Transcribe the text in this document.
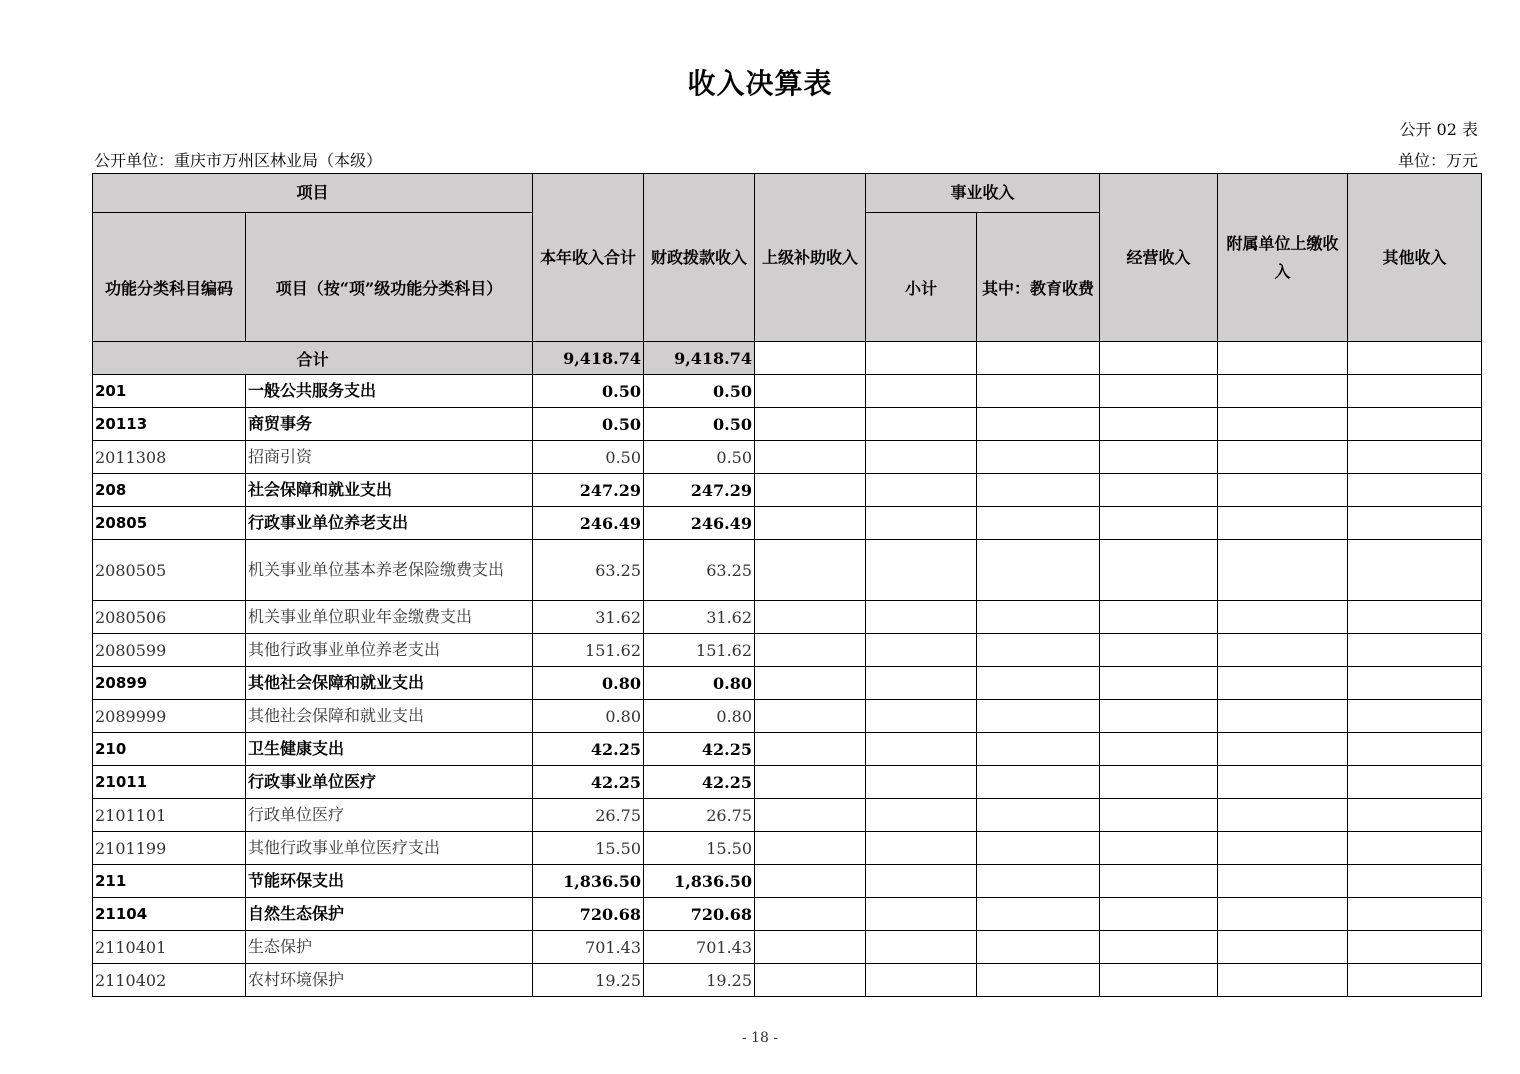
收入决算表
公开 02 表
公开单位：重庆市万州区林业局（本级）	单位：万元
项目		本年收入合计	财政拨款收入	上级补助收入	事业收入		经营收入	附属单位上缴收入	其他收入
功能分类科目编码	项目（按“项”级功能分类科目）				小计	其中：教育收费			
合计		9,418.74	9,418.74						
201	一般公共服务支出	0.50	0.50						
20113	商贸事务	0.50	0.50						
2011308	招商引资	0.50	0.50						
208	社会保障和就业支出	247.29	247.29						
20805	行政事业单位养老支出	246.49	246.49						
2080505	机关事业单位基本养老保险缴费支出	63.25	63.25						
2080506	机关事业单位职业年金缴费支出	31.62	31.62						
2080599	其他行政事业单位养老支出	151.62	151.62						
20899	其他社会保障和就业支出	0.80	0.80						
2089999	其他社会保障和就业支出	0.80	0.80						
210	卫生健康支出	42.25	42.25						
21011	行政事业单位医疗	42.25	42.25						
2101101	行政单位医疗	26.75	26.75						
2101199	其他行政事业单位医疗支出	15.50	15.50						
211	节能环保支出	1,836.50	1,836.50						
21104	自然生态保护	720.68	720.68						
2110401	生态保护	701.43	701.43						
2110402	农村环境保护	19.25	19.25						
- 18 -
